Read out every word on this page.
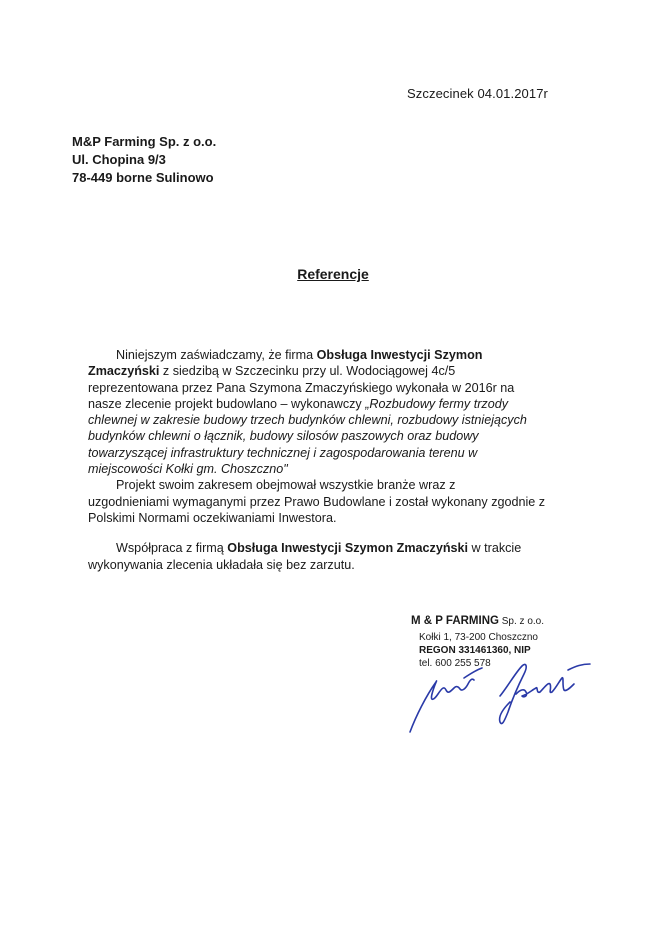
Szczecinek 04.01.2017r
M&P Farming Sp. z o.o.
Ul. Chopina 9/3
78-449 borne Sulinowo
Referencje

Niniejszym zaświadczamy, że firma Obsługa Inwestycji Szymon

Zmaczyński z siedzibą w Szczecinku przy ul. Wodociągowej 4c/5

reprezentowana przez Pana Szymona Zmaczyńskiego wykonała w 2016r na

nasze zlecenie projekt budowlano – wykonawczy „Rozbudowy fermy trzody

chlewnej w zakresie budowy trzech budynków chlewni, rozbudowy istniejących

budynków chlewni o łącznik, budowy silosów paszowych oraz budowy

towarzyszącej infrastruktury technicznej i zagospodarowania terenu w

miejscowości Kołki gm. Choszczno"

Projekt swoim zakresem obejmował wszystkie branże wraz z

uzgodnieniami wymaganymi przez Prawo Budowlane i został wykonany zgodnie z

Polskimi Normami oczekiwaniami Inwestora.

Współpraca z firmą Obsługa Inwestycji Szymon Zmaczyński w trakcie

wykonywania zlecenia układała się bez zarzutu.

M & P FARMING Sp. z o.o.
Kołki 1, 73-200 Choszczno
REGON 331461360, NIP
tel. 600 255 578
